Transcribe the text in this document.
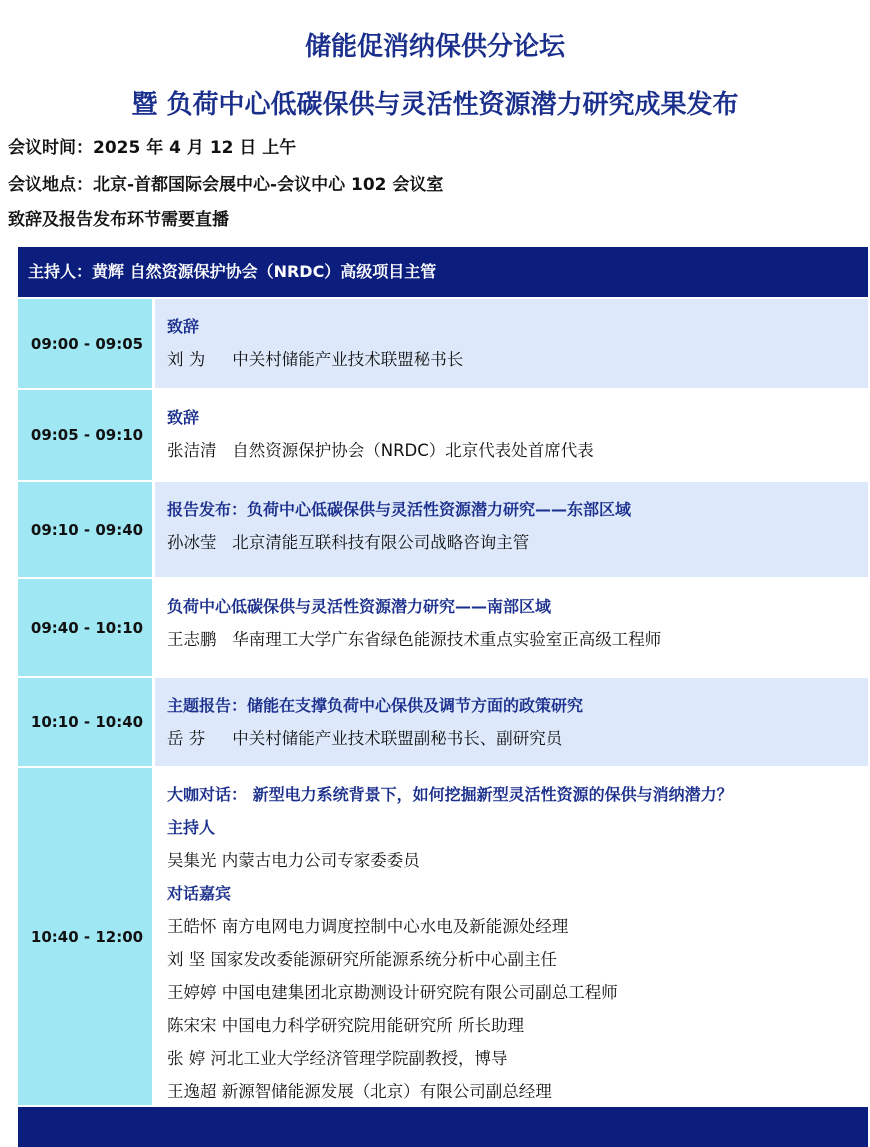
储能促消纳保供分论坛
暨 负荷中心低碳保供与灵活性资源潜力研究成果发布
会议时间：2025 年 4 月 12 日 上午
会议地点：北京-首都国际会展中心-会议中心 102 会议室
致辞及报告发布环节需要直播
主持人：黄辉 自然资源保护协会（NRDC）高级项目主管
09:00 - 09:05
致辞
刘 为 中关村储能产业技术联盟秘书长
09:05 - 09:10
致辞
张洁清 自然资源保护协会（NRDC）北京代表处首席代表
09:10 - 09:40
报告发布：负荷中心低碳保供与灵活性资源潜力研究——东部区域
孙冰莹 北京清能互联科技有限公司战略咨询主管
09:40 - 10:10
负荷中心低碳保供与灵活性资源潜力研究——南部区域
王志鹏 华南理工大学广东省绿色能源技术重点实验室正高级工程师
10:10 - 10:40
主题报告：储能在支撑负荷中心保供及调节方面的政策研究
岳 芬 中关村储能产业技术联盟副秘书长、副研究员
10:40 - 12:00
大咖对话： 新型电力系统背景下，如何挖掘新型灵活性资源的保供与消纳潜力？
主持人
吴集光 内蒙古电力公司专家委委员
对话嘉宾
王皓怀 南方电网电力调度控制中心水电及新能源处经理
刘 坚 国家发改委能源研究所能源系统分析中心副主任
王婷婷 中国电建集团北京勘测设计研究院有限公司副总工程师
陈宋宋 中国电力科学研究院用能研究所 所长助理
张 婷 河北工业大学经济管理学院副教授，博导
王逸超 新源智储能源发展（北京）有限公司副总经理
